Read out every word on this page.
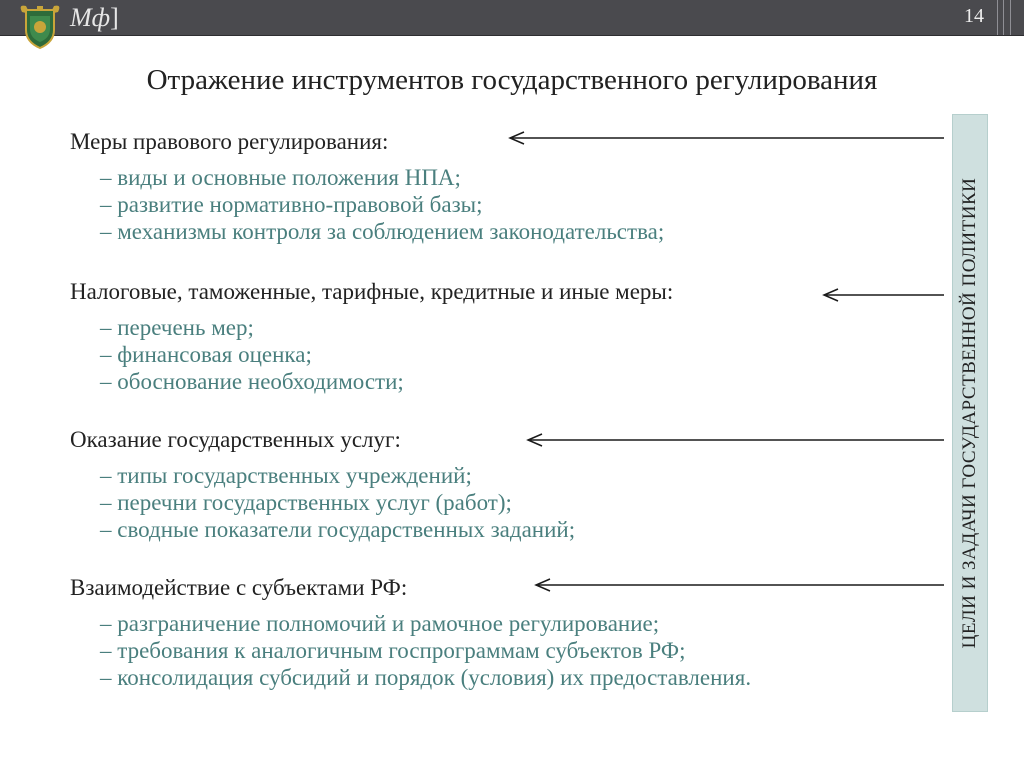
Мф]	14
Отражение инструментов государственного регулирования
Меры правового регулирования:
– виды и основные положения НПА;
– развитие нормативно-правовой базы;
– механизмы контроля за соблюдением законодательства;
Налоговые, таможенные, тарифные, кредитные и иные меры:
– перечень мер;
– финансовая оценка;
– обоснование необходимости;
Оказание государственных услуг:
– типы государственных учреждений;
– перечни государственных услуг (работ);
– сводные показатели государственных заданий;
Взаимодействие с субъектами РФ:
– разграничение полномочий и рамочное регулирование;
– требования к аналогичным госпрограммам субъектов РФ;
– консолидация субсидий и порядок (условия) их предоставления.
ЦЕЛИ И ЗАДАЧИ ГОСУДАРСТВЕННОЙ ПОЛИТИКИ
